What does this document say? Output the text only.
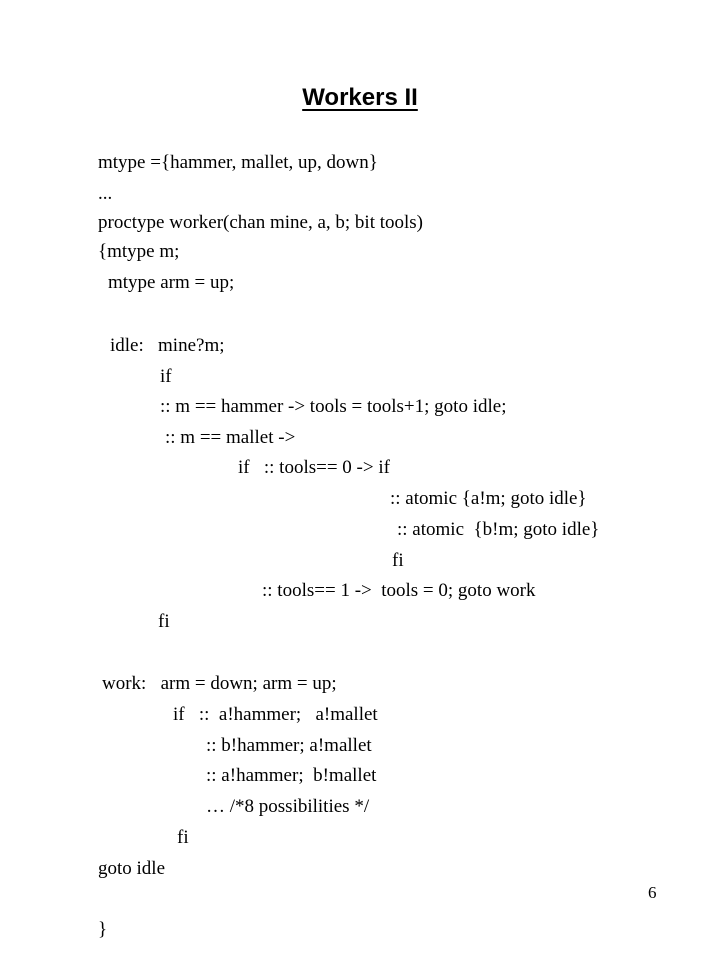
Workers II
mtype ={hammer, mallet, up, down}
...
proctype worker(chan mine, a, b; bit tools)
{mtype m;
mtype arm = up;
idle:   mine?m;
if
:: m == hammer -> tools = tools+1; goto idle;
:: m == mallet ->
if   :: tools== 0 -> if
:: atomic {a!m; goto idle}
:: atomic  {b!m; goto idle}
fi
:: tools== 1 ->  tools = 0; goto work
fi
work:   arm = down; arm = up;
if   ::  a!hammer;   a!mallet
:: b!hammer; a!mallet
:: a!hammer;  b!mallet
… /*8 possibilities */
fi
goto idle
}
6
